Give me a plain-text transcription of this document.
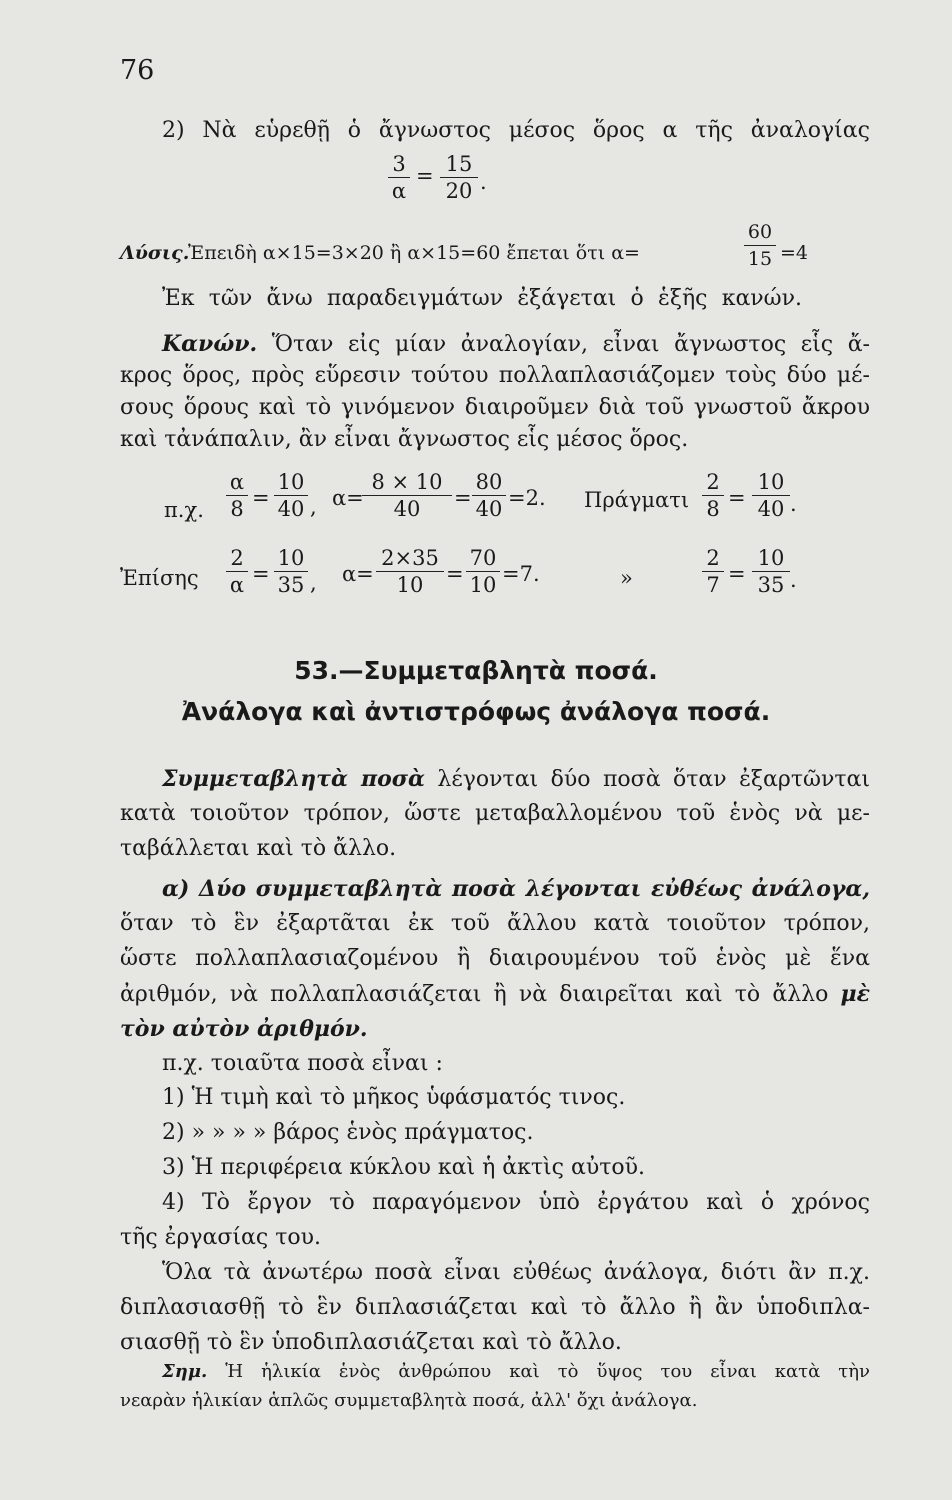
76
2) Νὰ εὑρεθῇ ὁ ἄγνωστος μέσος ὅρος α τῆς ἀναλογίας
3
α
= 15
20 .
Λύσις.
Ἐπειδὴ α×15=3×20 ἢ α×15=60 ἔπεται ὅτι α=
60
15 =4
Ἐκ τῶν ἄνω παραδειγμάτων ἐξάγεται ὁ ἑξῆς κανών.
Κανών. Ὅταν εἰς μίαν ἀναλογίαν, εἶναι ἄγνωστος εἷς ἄ-
κρος ὅρος, πρὸς εὕρεσιν τούτου πολλαπλασιάζομεν τοὺς δύο μέ-
σους ὅρους καὶ τὸ γινόμενον διαιροῦμεν διὰ τοῦ γνωστοῦ ἄκρου
καὶ τἀνάπαλιν, ἂν εἶναι ἄγνωστος εἷς μέσος ὅρος.
π.χ.
α
8 =
10
40 , α=
8 × 10
40	=
80
40 =2. Πράγματι
2
8 =
10
40 .
Ἐπίσης
2
α =
10
35 , α=
2×35
10	=
70
10 =7.	»
2
7 =
10
35 .
53.—Συμμεταβλητὰ ποσά.
Ἀνάλογα καὶ ἀντιστρόφως ἀνάλογα ποσά.
Συμμεταβλητὰ ποσὰ λέγονται δύο ποσὰ ὅταν ἐξαρτῶνται
κατὰ τοιοῦτον τρόπον, ὥστε μεταβαλλομένου τοῦ ἑνὸς νὰ με-
ταβάλλεται καὶ τὸ ἄλλο.
α) Δύο συμμεταβλητὰ ποσὰ λέγονται εὐθέως ἀνάλογα,
ὅταν τὸ ἓν ἐξαρτᾶται ἐκ τοῦ ἄλλου κατὰ τοιοῦτον τρόπον,
ὥστε πολλαπλασιαζομένου ἢ διαιρουμένου τοῦ ἑνὸς μὲ ἕνα
ἀριθμόν, νὰ πολλαπλασιάζεται ἢ νὰ διαιρεῖται καὶ τὸ ἄλλο μὲ
τὸν αὐτὸν ἀριθμόν.
π.χ. τοιαῦτα ποσὰ εἶναι :
1) Ἡ τιμὴ καὶ τὸ μῆκος ὑφάσματός τινος.
2) » » » » βάρος ἑνὸς πράγματος.
3) Ἡ περιφέρεια κύκλου καὶ ἡ ἀκτὶς αὐτοῦ.
4) Τὸ ἔργον τὸ παραγόμενον ὑπὸ ἐργάτου καὶ ὁ χρόνος
τῆς ἐργασίας του.
Ὅλα τὰ ἀνωτέρω ποσὰ εἶναι εὐθέως ἀνάλογα, διότι ἂν π.χ.
διπλασιασθῇ τὸ ἓν διπλασιάζεται καὶ τὸ ἄλλο ἢ ἂν ὑποδιπλα-
σιασθῇ τὸ ἓν ὑποδιπλασιάζεται καὶ τὸ ἄλλο.
Σημ. Ἡ ἡλικία ἑνὸς ἀνθρώπου καὶ τὸ ὕψος του εἶναι κατὰ τὴν
νεαρὰν ἡλικίαν ἁπλῶς συμμεταβλητὰ ποσά, ἀλλ' ὄχι ἀνάλογα.
